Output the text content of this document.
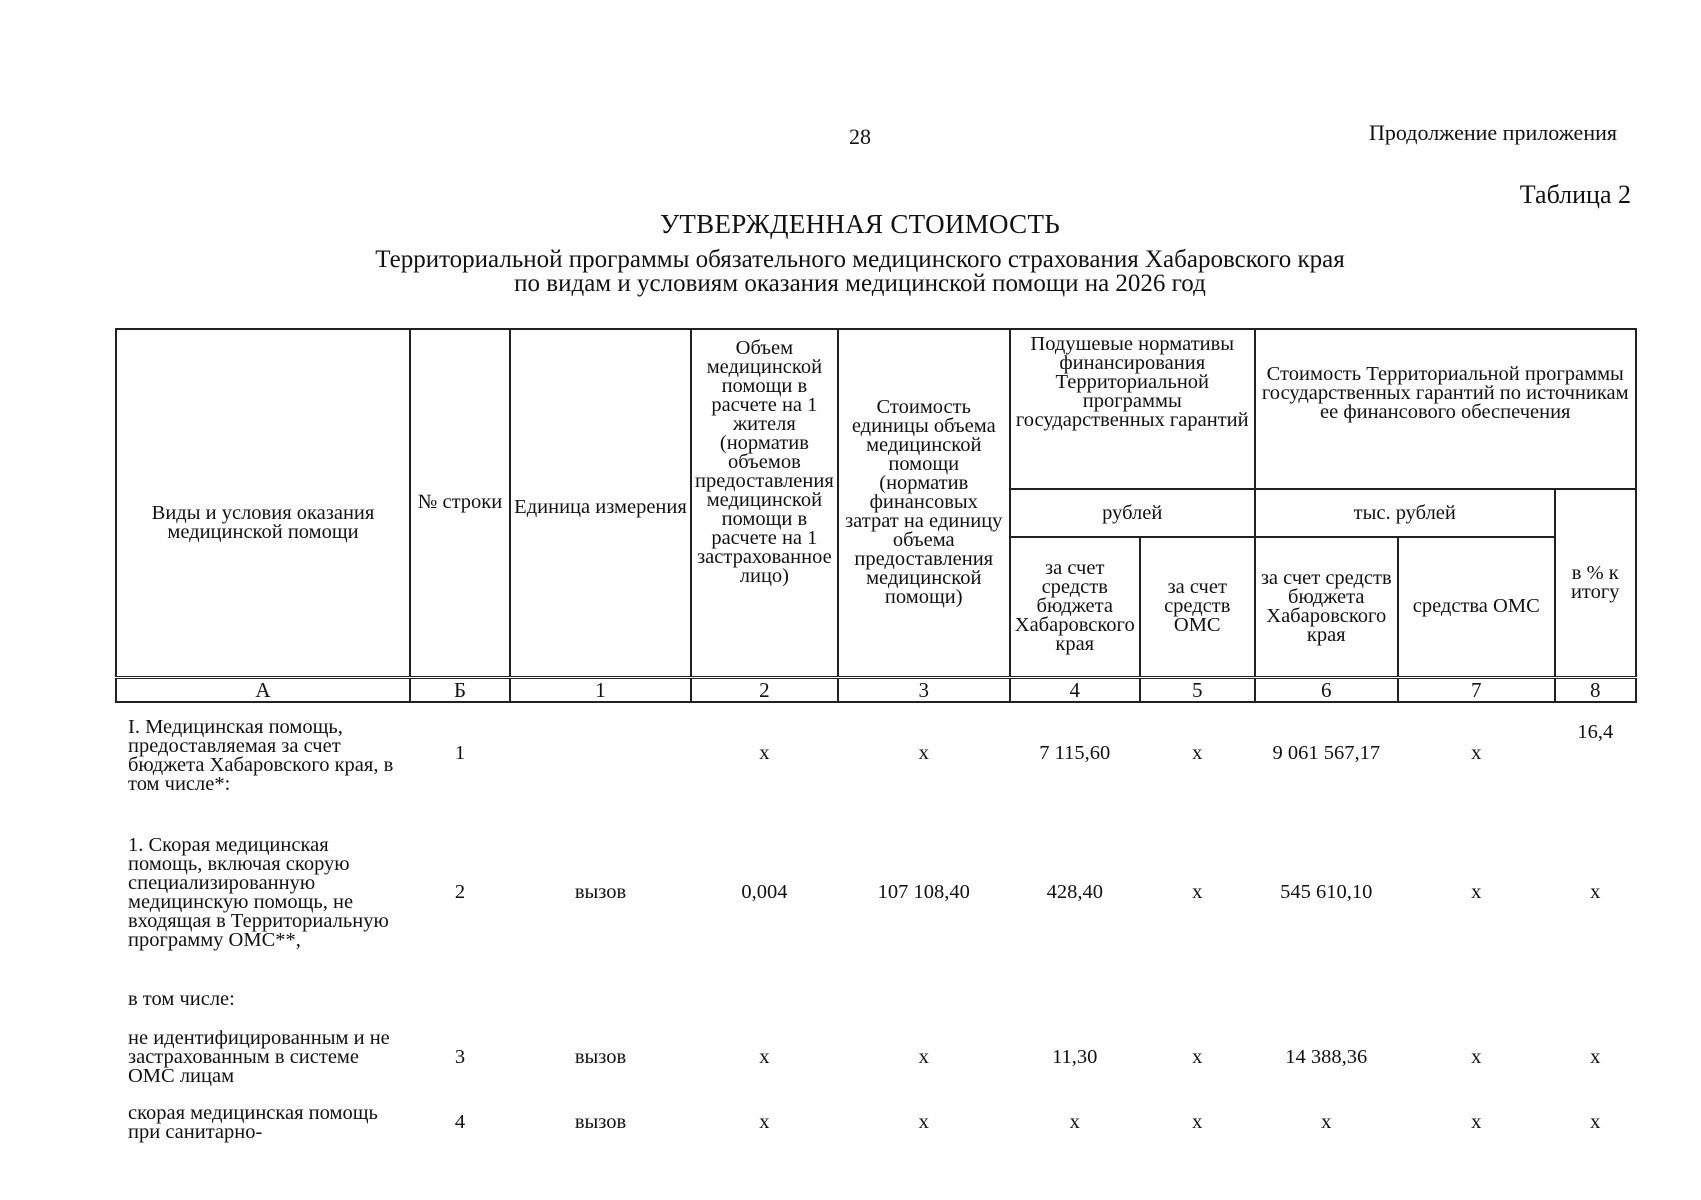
28	Продолжение приложения
Таблица 2
УТВЕРЖДЕННАЯ СТОИМОСТЬ
Территориальной программы обязательного медицинского страхования Хабаровского края
по видам и условиям оказания медицинской помощи на 2026 год
Виды и условия оказания медицинской помощи	№ строки	Единица измерения	Объем медицинской помощи в расчете на 1 жителя (норматив объемов предоставления медицинской помощи в расчете на 1 застрахованное лицо)	Стоимость единицы объема медицинской помощи (норматив финансовых затрат на единицу объема предоставления медицинской помощи)	Подушевые нормативы финансирования Территориальной программы государственных гарантий		Стоимость Территориальной программы государственных гарантий по источникам ее финансового обеспечения		
					рублей		тыс. рублей		в % к итогу
					за счет средств бюджета Хабаровского края	за счет средств ОМС	за счет средств бюджета Хабаровского края	средства ОМС	
А	Б	1	2	3	4	5	6	7	8
I. Медицинская помощь, предоставляемая за счет бюджета Хабаровского края, в том числе*:	1		х	х	7 115,60	х	9 061 567,17	х	16,4
1. Скорая медицинская помощь, включая скорую специализированную медицинскую помощь, не входящая в Территориальную программу ОМС**,	2	вызов	0,004	107 108,40	428,40	х	545 610,10	х	х
в том числе:									
не идентифицированным и не застрахованным в системе ОМС лицам	3	вызов	х	х	11,30	х	14 388,36	х	х
скорая медицинская помощь при санитарно-	4	вызов	х	х	х	х	х	х	х
